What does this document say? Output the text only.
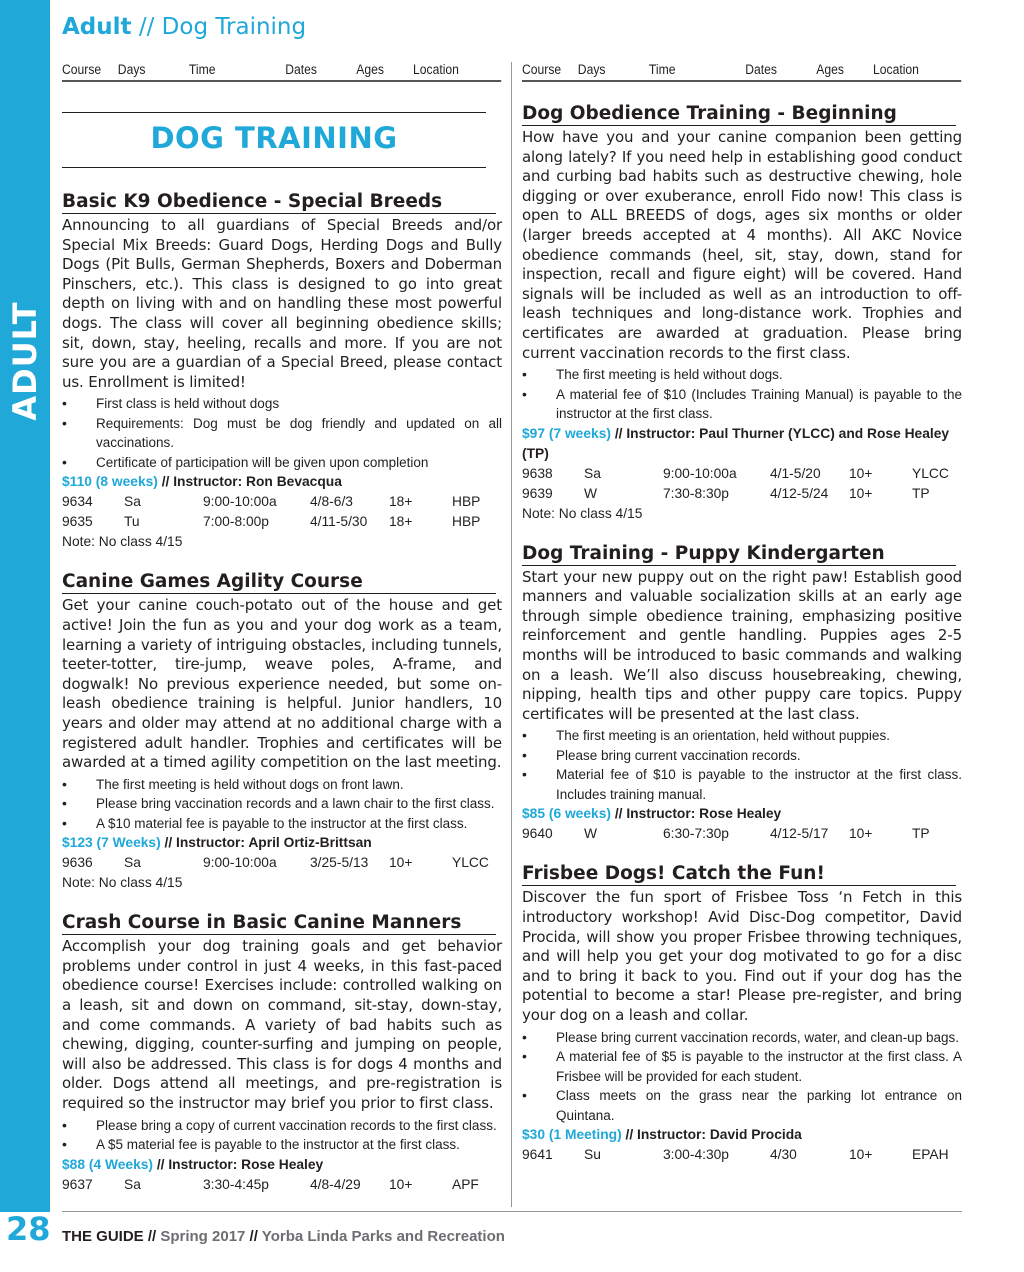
ADULT
Adult // Dog Training
Course	Days	Time	Dates	Ages	Location
DOG TRAINING
Basic K9 Obedience - Special Breeds
Announcing to all guardians of Special Breeds and/or Special Mix Breeds: Guard Dogs, Herding Dogs and Bully Dogs (Pit Bulls, German Shepherds, Boxers and Doberman Pinschers, etc.). This class is designed to go into great depth on living with and on handling these most powerful dogs. The class will cover all beginning obedience skills; sit, down, stay, heeling, recalls and more. If you are not sure you are a guardian of a Special Breed, please contact us. Enrollment is limited!
• First class is held without dogs
• Requirements: Dog must be dog friendly and updated on all vaccinations.
• Certificate of participation will be given upon completion
$110 (8 weeks) // Instructor: Ron Bevacqua
9634	Sa	9:00-10:00a	4/8-6/3	18+	HBP
9635	Tu	7:00-8:00p	4/11-5/30	18+	HBP
Note: No class 4/15
Canine Games Agility Course
Get your canine couch-potato out of the house and get active! Join the fun as you and your dog work as a team, learning a variety of intriguing obstacles, including tunnels, teeter-totter, tire-jump, weave poles, A-frame, and dogwalk! No previous experience needed, but some on-leash obedience training is helpful. Junior handlers, 10 years and older may attend at no additional charge with a registered adult handler. Trophies and certificates will be awarded at a timed agility competition on the last meeting.
• The first meeting is held without dogs on front lawn.
• Please bring vaccination records and a lawn chair to the first class.
• A $10 material fee is payable to the instructor at the first class.
$123 (7 Weeks) // Instructor: April Ortiz-Brittsan
9636	Sa	9:00-10:00a	3/25-5/13	10+	YLCC
Note: No class 4/15
Crash Course in Basic Canine Manners
Accomplish your dog training goals and get behavior problems under control in just 4 weeks, in this fast-paced obedience course! Exercises include: controlled walking on a leash, sit and down on command, sit-stay, down-stay, and come commands. A variety of bad habits such as chewing, digging, counter-surfing and jumping on people, will also be addressed. This class is for dogs 4 months and older. Dogs attend all meetings, and pre-registration is required so the instructor may brief you prior to first class.
• Please bring a copy of current vaccination records to the first class.
• A $5 material fee is payable to the instructor at the first class.
$88 (4 Weeks) // Instructor: Rose Healey
9637	Sa	3:30-4:45p	4/8-4/29	10+	APF
Course	Days	Time	Dates	Ages	Location
Dog Obedience Training - Beginning
How have you and your canine companion been getting along lately? If you need help in establishing good conduct and curbing bad habits such as destructive chewing, hole digging or over exuberance, enroll Fido now! This class is open to ALL BREEDS of dogs, ages six months or older (larger breeds accepted at 4 months). All AKC Novice obedience commands (heel, sit, stay, down, stand for inspection, recall and figure eight) will be covered. Hand signals will be included as well as an introduction to off-leash techniques and long-distance work. Trophies and certificates are awarded at graduation. Please bring current vaccination records to the first class.
• The first meeting is held without dogs.
• A material fee of $10 (Includes Training Manual) is payable to the instructor at the first class.
$97 (7 weeks) // Instructor: Paul Thurner (YLCC) and Rose Healey (TP)
9638	Sa	9:00-10:00a	4/1-5/20	10+	YLCC
9639	W	7:30-8:30p	4/12-5/24	10+	TP
Note: No class 4/15
Dog Training - Puppy Kindergarten
Start your new puppy out on the right paw! Establish good manners and valuable socialization skills at an early age through simple obedience training, emphasizing positive reinforcement and gentle handling. Puppies ages 2-5 months will be introduced to basic commands and walking on a leash. We’ll also discuss housebreaking, chewing, nipping, health tips and other puppy care topics. Puppy certificates will be presented at the last class.
• The first meeting is an orientation, held without puppies.
• Please bring current vaccination records.
• Material fee of $10 is payable to the instructor at the first class. Includes training manual.
$85 (6 weeks) // Instructor: Rose Healey
9640	W	6:30-7:30p	4/12-5/17	10+	TP
Frisbee Dogs! Catch the Fun!
Discover the fun sport of Frisbee Toss ‘n Fetch in this introductory workshop! Avid Disc-Dog competitor, David Procida, will show you proper Frisbee throwing techniques, and will help you get your dog motivated to go for a disc and to bring it back to you. Find out if your dog has the potential to become a star! Please pre-register, and bring your dog on a leash and collar.
• Please bring current vaccination records, water, and clean-up bags.
• A material fee of $5 is payable to the instructor at the first class. A Frisbee will be provided for each student.
• Class meets on the grass near the parking lot entrance on Quintana.
$30 (1 Meeting) // Instructor: David Procida
9641	Su	3:00-4:30p	4/30	10+	EPAH
28 THE GUIDE // Spring 2017 // Yorba Linda Parks and Recreation
